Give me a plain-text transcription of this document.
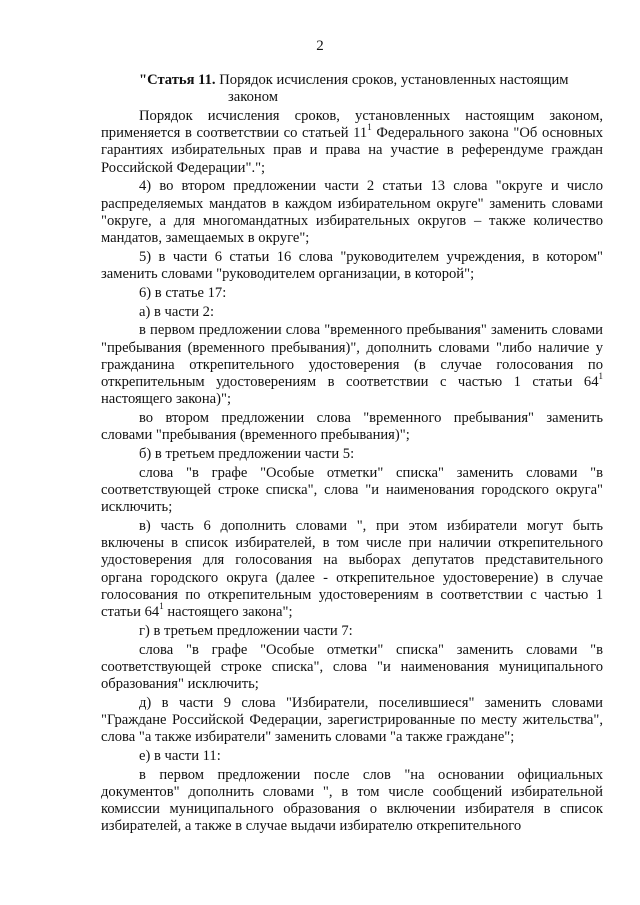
2
"Статья 11. Порядок исчисления сроков, установленных настоящим
законом

Порядок исчисления сроков, установленных настоящим законом, применяется в соответствии со статьей $11^1$ Федерального закона "Об основных гарантиях избирательных прав и права на участие в референдуме граждан Российской Федерации".";

4) во втором предложении части 2 статьи 13 слова "округе и число распределяемых мандатов в каждом избирательном округе" заменить словами "округе, а для многомандатных избирательных округов – также количество мандатов, замещаемых в округе";

5) в части 6 статьи 16 слова "руководителем учреждения, в котором" заменить словами "руководителем организации, в которой";

6) в статье 17:

а) в части 2:

в первом предложении слова "временного пребывания" заменить словами "пребывания (временного пребывания)", дополнить словами "либо наличие у гражданина открепительного удостоверения (в случае голосования по открепительным удостоверениям в соответствии с частью 1 статьи $64^1$ настоящего закона)";

во втором предложении слова "временного пребывания" заменить словами "пребывания (временного пребывания)";

б) в третьем предложении части 5:

слова "в графе "Особые отметки" списка" заменить словами "в соответствующей строке списка", слова "и наименования городского округа" исключить;

в) часть 6 дополнить словами ", при этом избиратели могут быть включены в список избирателей, в том числе при наличии открепительного удостоверения для голосования на выборах депутатов представительного органа городского округа (далее - открепительное удостоверение) в случае голосования по открепительным удостоверениям в соответствии с частью 1 статьи $64^1$ настоящего закона";

г) в третьем предложении части 7:

слова "в графе "Особые отметки" списка" заменить словами "в соответствующей строке списка", слова "и наименования муниципального образования" исключить;

д) в части 9 слова "Избиратели, поселившиеся" заменить словами "Граждане Российской Федерации, зарегистрированные по месту жительства", слова "а также избиратели" заменить словами "а также граждане";

е) в части 11:

в первом предложении после слов "на основании официальных документов" дополнить словами ", в том числе сообщений избирательной комиссии муниципального образования о включении избирателя в список избирателей, а также в случае выдачи избирателю открепительного
